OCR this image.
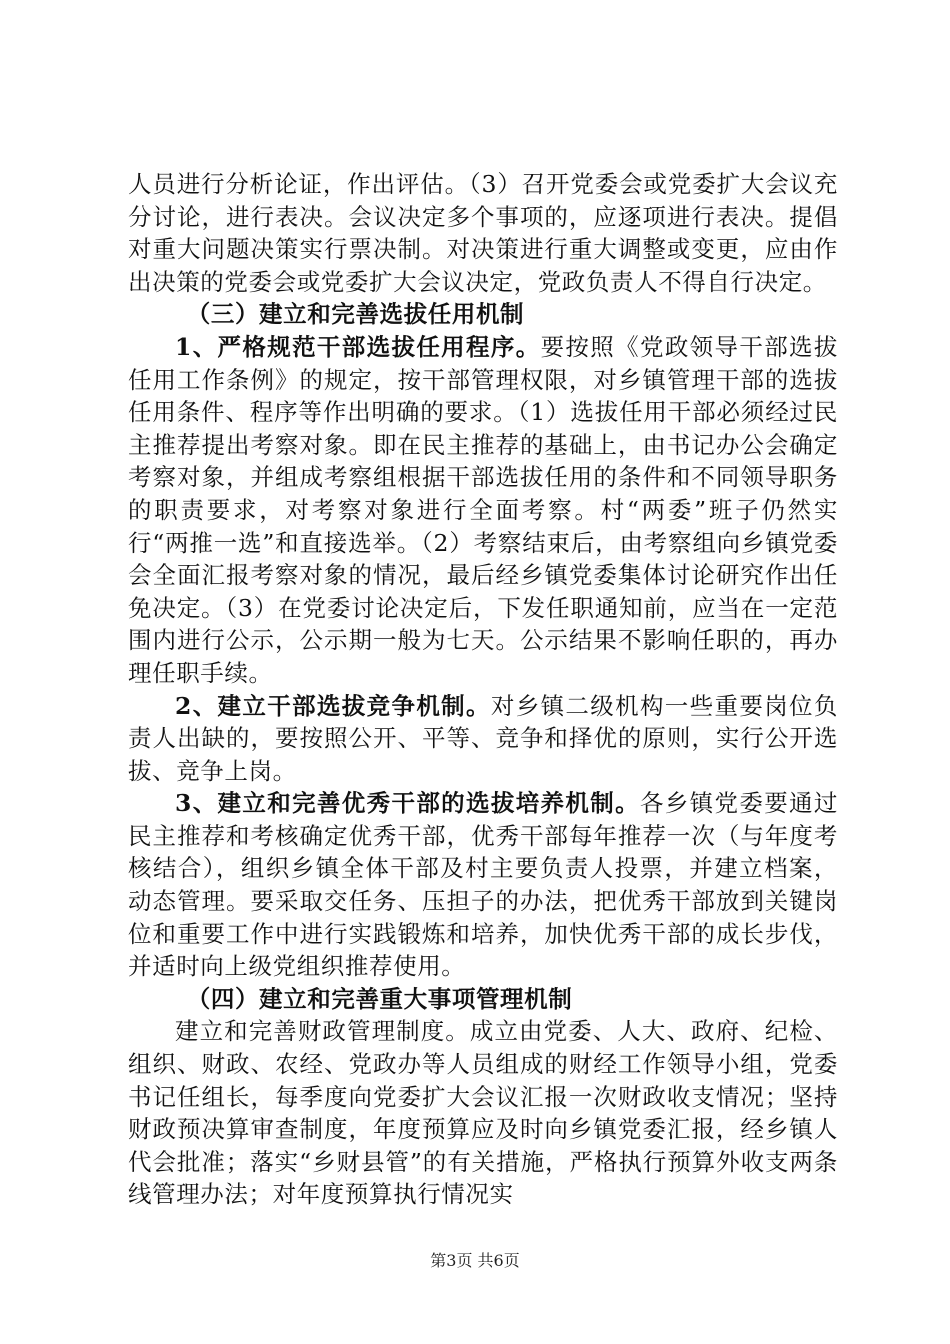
人员进行分析论证，作出评估。（3）召开党委会或党委扩大会议充分讨论，进行表决。会议决定多个事项的，应逐项进行表决。提倡对重大问题决策实行票决制。对决策进行重大调整或变更，应由作出决策的党委会或党委扩大会议决定，党政负责人不得自行决定。

（三）建立和完善选拔任用机制

1、严格规范干部选拔任用程序。要按照《党政领导干部选拔任用工作条例》的规定，按干部管理权限，对乡镇管理干部的选拔任用条件、程序等作出明确的要求。（1）选拔任用干部必须经过民主推荐提出考察对象。即在民主推荐的基础上，由书记办公会确定考察对象，并组成考察组根据干部选拔任用的条件和不同领导职务的职责要求，对考察对象进行全面考察。村“两委”班子仍然实行“两推一选”和直接选举。（2）考察结束后，由考察组向乡镇党委会全面汇报考察对象的情况，最后经乡镇党委集体讨论研究作出任免决定。（3）在党委讨论决定后，下发任职通知前，应当在一定范围内进行公示，公示期一般为七天。公示结果不影响任职的，再办理任职手续。

2、建立干部选拔竞争机制。对乡镇二级机构一些重要岗位负责人出缺的，要按照公开、平等、竞争和择优的原则，实行公开选拔、竞争上岗。

3、建立和完善优秀干部的选拔培养机制。各乡镇党委要通过民主推荐和考核确定优秀干部，优秀干部每年推荐一次（与年度考核结合），组织乡镇全体干部及村主要负责人投票，并建立档案，动态管理。要采取交任务、压担子的办法，把优秀干部放到关键岗位和重要工作中进行实践锻炼和培养，加快优秀干部的成长步伐，并适时向上级党组织推荐使用。

（四）建立和完善重大事项管理机制

建立和完善财政管理制度。成立由党委、人大、政府、纪检、组织、财政、农经、党政办等人员组成的财经工作领导小组，党委书记任组长，每季度向党委扩大会议汇报一次财政收支情况；坚持财政预决算审查制度，年度预算应及时向乡镇党委汇报，经乡镇人代会批准；落实“乡财县管”的有关措施，严格执行预算外收支两条线管理办法；对年度预算执行情况实

第3页 共6页
